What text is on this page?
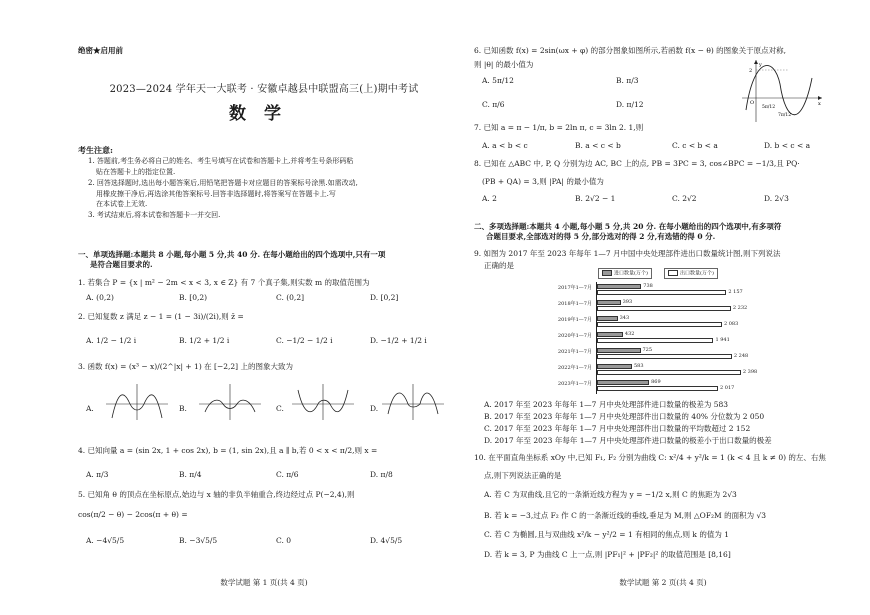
绝密★启用前
2023—2024 学年天一大联考 · 安徽卓越县中联盟高三(上)期中考试
数学
考生注意:
1. 答题前,考生务必将自己的姓名、考生号填写在试卷和答题卡上,并将考生号条形码粘
贴在答题卡上的指定位置.
2. 回答选择题时,选出每小题答案后,用铅笔把答题卡对应题目的答案标号涂黑.如需改动,
用橡皮擦干净后,再选涂其他答案标号.回答非选择题时,将答案写在答题卡上.写
在本试卷上无效.
3. 考试结束后,将本试卷和答题卡一并交回.
一、单项选择题:本题共 8 小题,每小题 5 分,共 40 分. 在每小题给出的四个选项中,只有一项
是符合题目要求的.
1. 若集合 P = {x | m² − 2m < x < 3, x ∈ Z} 有 7 个真子集,则实数 m 的取值范围为
A. (0,2)	B. [0,2)	C. (0,2]	D. [0,2]
2. 已知复数 z 满足 z − 1 = (1 − 3i)/(2i),则 z̄ =
A. 1/2 − 1/2 i	B. 1/2 + 1/2 i	C. −1/2 − 1/2 i	D. −1/2 + 1/2 i
3. 函数 f(x) = (x³ − x)/(2^|x| + 1) 在 [−2,2] 上的图象大致为
A.	B.	C.	D.
4. 已知向量 a = (sin 2x, 1 + cos 2x), b = (1, sin 2x),且 a ∥ b,若 0 < x < π/2,则 x =
A. π/3	B. π/4	C. π/6	D. π/8
5. 已知角 θ 的顶点在坐标原点,始边与 x 轴的非负半轴重合,终边经过点 P(−2,4),则
cos(π/2 − θ) − 2cos(π + θ) =
A. −4√5/5	B. −3√5/5	C. 0	D. 4√5/5
数学试题 第 1 页(共 4 页)
6. 已知函数 f(x) = 2sin(ωx + φ) 的部分图象如图所示,若函数 f(x − θ) 的图象关于原点对称,
则 |θ| 的最小值为
A. 5π/12	B. π/3
C. π/6	D. π/12
7. 已知 a = π − 1/π, b = 2ln π, c = 3ln 2. 1,则
A. a < b < c	B. a < c < b	C. c < b < a	D. b < c < a
8. 已知在 △ABC 中, P, Q 分别为边 AC, BC 上的点, PB = 3PC = 3, cos∠BPC = −1/3,且 PQ·
(PB + QA) = 3,则 |PA| 的最小值为
A. 2	B. 2√2 − 1	C. 2√2	D. 2√3
二、多项选择题:本题共 4 小题,每小题 5 分,共 20 分. 在每小题给出的四个选项中,有多项符
合题目要求,全部选对的得 5 分,部分选对的得 2 分,有选错的得 0 分.
9. 如图为 2017 年至 2023 年每年 1—7 月中国中央处理部件进出口数量统计图,则下列说法
正确的是
A. 2017 年至 2023 年每年 1—7 月中央处理部件进口数量的极差为 583
B. 2017 年至 2023 年每年 1—7 月中央处理部件出口数量的 40% 分位数为 2 050
C. 2017 年至 2023 年每年 1—7 月中央处理部件出口数量的平均数超过 2 152
D. 2017 年至 2023 年每年 1—7 月中央处理部件进口数量的极差小于出口数量的极差
10. 在平面直角坐标系 xOy 中,已知 F₁, F₂ 分别为曲线 C: x²/4 + y²/k = 1 (k < 4 且 k ≠ 0) 的左、右焦
点,则下列说法正确的是
A. 若 C 为双曲线,且它的一条渐近线方程为 y = −1/2 x,则 C 的焦距为 2√3
B. 若 k = −3,过点 F₂ 作 C 的一条渐近线的垂线,垂足为 M,则 △OF₂M 的面积为 √3
C. 若 C 为椭圆,且与双曲线 x²/k − y²/2 = 1 有相同的焦点,则 k 的值为 1
D. 若 k = 3, P 为曲线 C 上一点,则 |PF₁|² + |PF₂|² 的取值范围是 [8,16]
数学试题 第 2 页(共 4 页)
y
x
O
2
5π/12
7π/12
进口数量(万个)	出口数量(万个)
2017年1—7月	738
2 157
2018年1—7月	393
2 232
2019年1—7月	343
2 083
2020年1—7月	432
1 941
2021年1—7月	725
2 248
2022年1—7月	583
2 398
2023年1—7月	869
2 017
